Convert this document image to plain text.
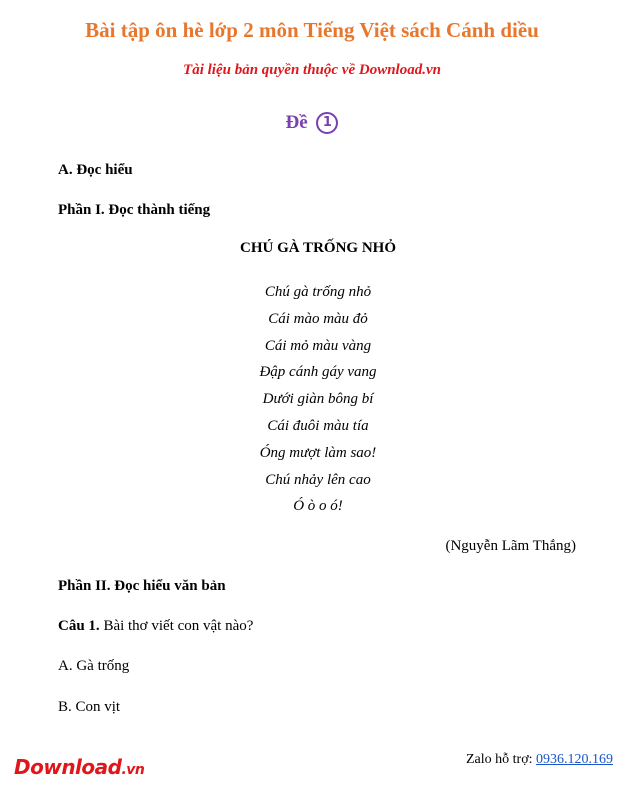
Bài tập ôn hè lớp 2 môn Tiếng Việt sách Cánh diều
Tài liệu bản quyền thuộc về Download.vn
Đề 1
A. Đọc hiểu
Phần I. Đọc thành tiếng
CHÚ GÀ TRỐNG NHỎ
Chú gà trống nhỏ
Cái mào màu đỏ
Cái mỏ màu vàng
Đập cánh gáy vang
Dưới giàn bông bí
Cái đuôi màu tía
Óng mượt làm sao!
Chú nhảy lên cao
Ó ò o ó!
(Nguyễn Lãm Thắng)
Phần II. Đọc hiểu văn bản
Câu 1. Bài thơ viết con vật nào?
A. Gà trống
B. Con vịt
Download.vn
Zalo hỗ trợ: 0936.120.169
